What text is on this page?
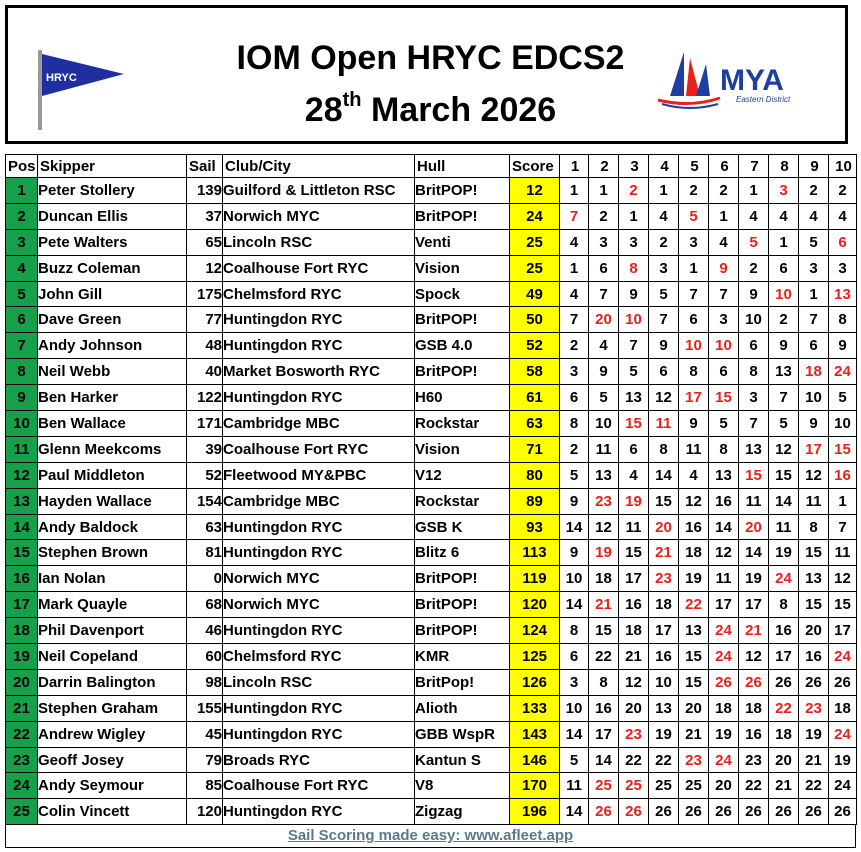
HRYC
IOM Open HRYC EDCS2
28th March 2026
MYA
Eastern District
Pos	Skipper	Sail	Club/City	Hull	Score	1	2	3	4	5	6	7	8	9	10
1	Peter Stollery	139	Guilford & Littleton RSC	BritPOP!	12	1	1	2	1	2	2	1	3	2	2
2	Duncan Ellis	37	Norwich MYC	BritPOP!	24	7	2	1	4	5	1	4	4	4	4
3	Pete Walters	65	Lincoln RSC	Venti	25	4	3	3	2	3	4	5	1	5	6
4	Buzz Coleman	12	Coalhouse Fort RYC	Vision	25	1	6	8	3	1	9	2	6	3	3
5	John Gill	175	Chelmsford RYC	Spock	49	4	7	9	5	7	7	9	10	1	13
6	Dave Green	77	Huntingdon RYC	BritPOP!	50	7	20	10	7	6	3	10	2	7	8
7	Andy Johnson	48	Huntingdon RYC	GSB 4.0	52	2	4	7	9	10	10	6	9	6	9
8	Neil Webb	40	Market Bosworth RYC	BritPOP!	58	3	9	5	6	8	6	8	13	18	24
9	Ben Harker	122	Huntingdon RYC	H60	61	6	5	13	12	17	15	3	7	10	5
10	Ben Wallace	171	Cambridge MBC	Rockstar	63	8	10	15	11	9	5	7	5	9	10
11	Glenn Meekcoms	39	Coalhouse Fort RYC	Vision	71	2	11	6	8	11	8	13	12	17	15
12	Paul Middleton	52	Fleetwood MY&PBC	V12	80	5	13	4	14	4	13	15	15	12	16
13	Hayden Wallace	154	Cambridge MBC	Rockstar	89	9	23	19	15	12	16	11	14	11	1
14	Andy Baldock	63	Huntingdon RYC	GSB K	93	14	12	11	20	16	14	20	11	8	7
15	Stephen Brown	81	Huntingdon RYC	Blitz 6	113	9	19	15	21	18	12	14	19	15	11
16	Ian Nolan	0	Norwich MYC	BritPOP!	119	10	18	17	23	19	11	19	24	13	12
17	Mark Quayle	68	Norwich MYC	BritPOP!	120	14	21	16	18	22	17	17	8	15	15
18	Phil Davenport	46	Huntingdon RYC	BritPOP!	124	8	15	18	17	13	24	21	16	20	17
19	Neil Copeland	60	Chelmsford RYC	KMR	125	6	22	21	16	15	24	12	17	16	24
20	Darrin Balington	98	Lincoln RSC	BritPop!	126	3	8	12	10	15	26	26	26	26	26
21	Stephen Graham	155	Huntingdon RYC	Alioth	133	10	16	20	13	20	18	18	22	23	18
22	Andrew Wigley	45	Huntingdon RYC	GBB WspR	143	14	17	23	19	21	19	16	18	19	24
23	Geoff Josey	79	Broads RYC	Kantun S	146	5	14	22	22	23	24	23	20	21	19
24	Andy Seymour	85	Coalhouse Fort RYC	V8	170	11	25	25	25	25	20	22	21	22	24
25	Colin Vincett	120	Huntingdon RYC	Zigzag	196	14	26	26	26	26	26	26	26	26	26
Sail Scoring made easy: www.afleet.app
